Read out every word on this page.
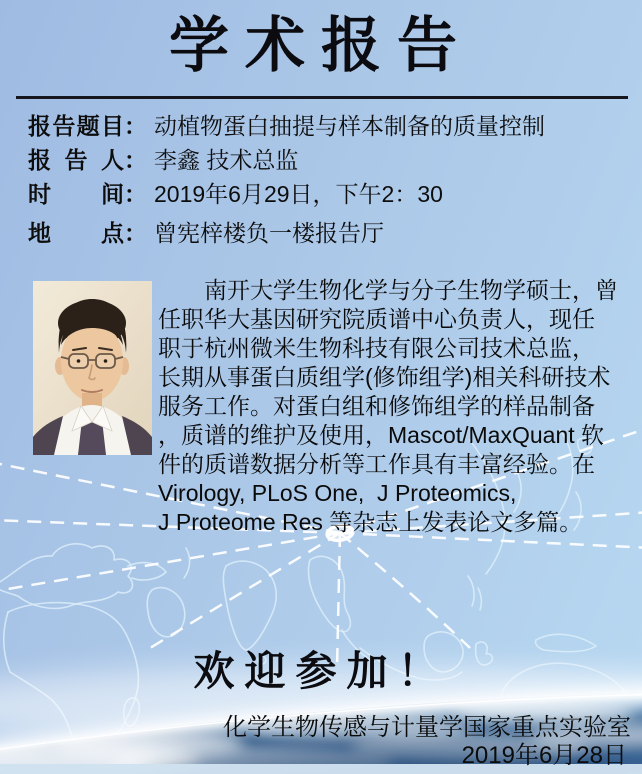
学术报告
报告题目： 动植物蛋白抽提与样本制备的质量控制
报告人： 李鑫 技术总监
时间： 2019年6月29日，下午2：30
地点： 曾宪梓楼负一楼报告厅
南开大学生物化学与分子生物学硕士，曾
任职华大基因研究院质谱中心负责人，现任
职于杭州微米生物科技有限公司技术总监，
长期从事蛋白质组学(修饰组学)相关科研技术
服务工作。对蛋白组和修饰组学的样品制备
，质谱的维护及使用，Mascot/MaxQuant 软
件的质谱数据分析等工作具有丰富经验。在
Virology, PLoS One,  J Proteomics,
J Proteome Res 等杂志上发表论文多篇。
欢迎参加！
化学生物传感与计量学国家重点实验室
2019年6月28日
